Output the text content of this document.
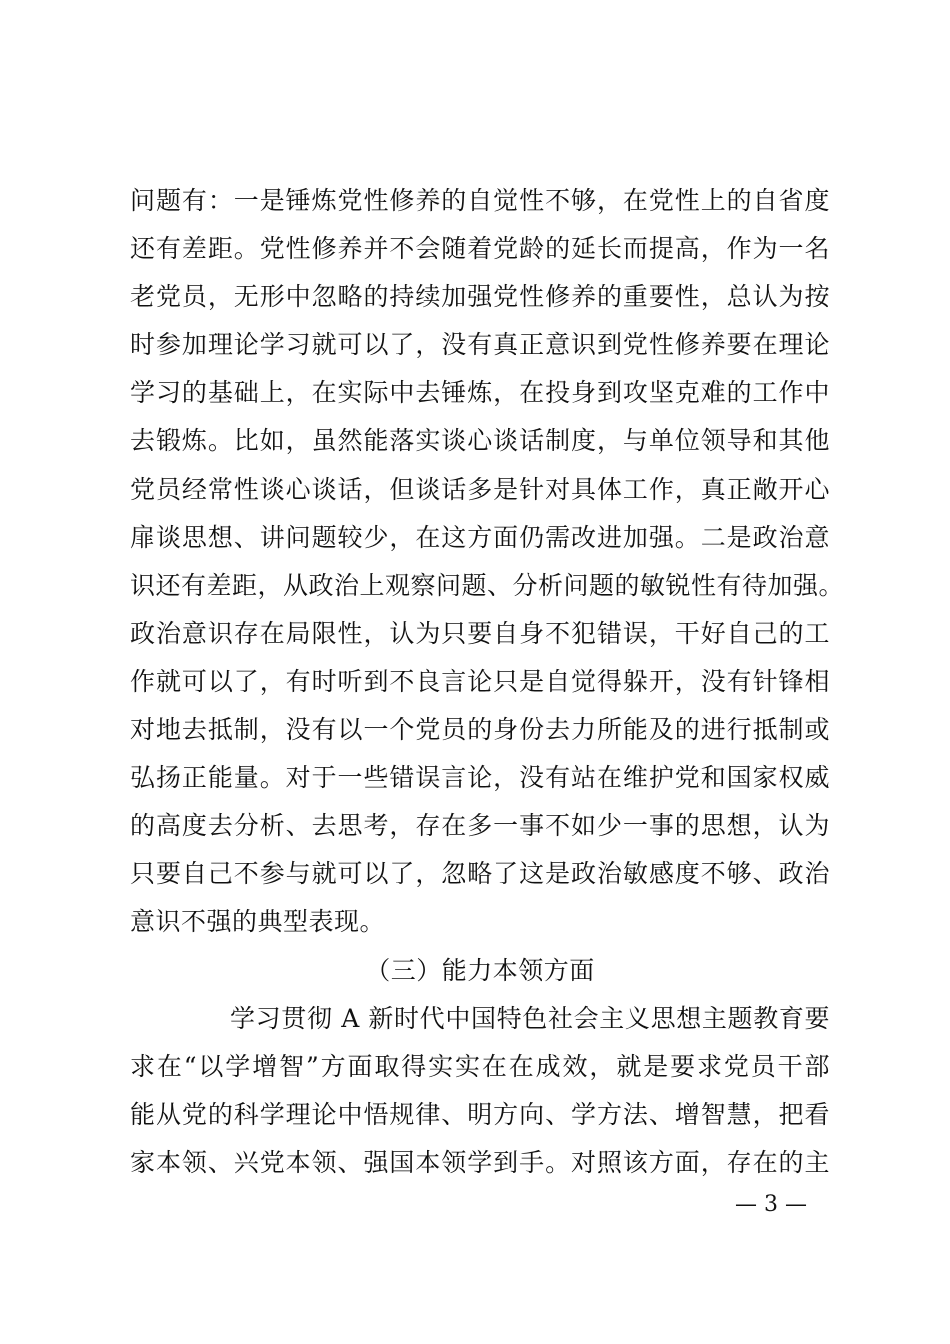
问题有：一是锤炼党性修养的自觉性不够，在党性上的自省度
还有差距。党性修养并不会随着党龄的延长而提高，作为一名
老党员，无形中忽略的持续加强党性修养的重要性，总认为按
时参加理论学习就可以了，没有真正意识到党性修养要在理论
学习的基础上，在实际中去锤炼，在投身到攻坚克难的工作中
去锻炼。比如，虽然能落实谈心谈话制度，与单位领导和其他
党员经常性谈心谈话，但谈话多是针对具体工作，真正敞开心
扉谈思想、讲问题较少，在这方面仍需改进加强。二是政治意
识还有差距，从政治上观察问题、分析问题的敏锐性有待加强。
政治意识存在局限性，认为只要自身不犯错误，干好自己的工
作就可以了，有时听到不良言论只是自觉得躲开，没有针锋相
对地去抵制，没有以一个党员的身份去力所能及的进行抵制或
弘扬正能量。对于一些错误言论，没有站在维护党和国家权威
的高度去分析、去思考，存在多一事不如少一事的思想，认为
只要自己不参与就可以了，忽略了这是政治敏感度不够、政治
意识不强的典型表现。
（三）能力本领方面
学习贯彻 A 新时代中国特色社会主义思想主题教育要
求在“以学增智”方面取得实实在在成效，就是要求党员干部
能从党的科学理论中悟规律、明方向、学方法、增智慧，把看
家本领、兴党本领、强国本领学到手。对照该方面，存在的主
— 3 —
